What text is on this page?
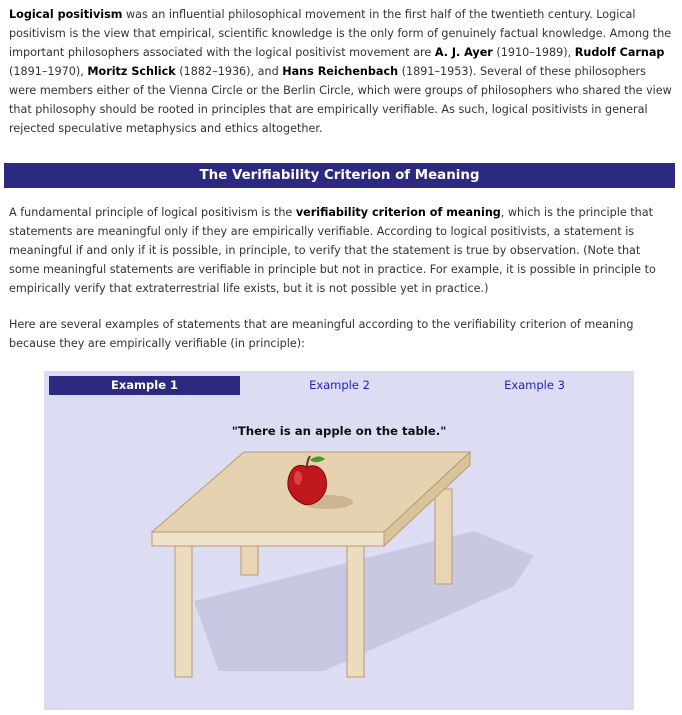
Logical positivism was an influential philosophical movement in the first half of the twentieth century. Logical positivism is the view that empirical, scientific knowledge is the only form of genuinely factual knowledge. Among the important philosophers associated with the logical positivist movement are A. J. Ayer (1910–1989), Rudolf Carnap (1891–1970), Moritz Schlick (1882–1936), and Hans Reichenbach (1891–1953). Several of these philosophers were members either of the Vienna Circle or the Berlin Circle, which were groups of philosophers who shared the view that philosophy should be rooted in principles that are empirically verifiable. As such, logical positivists in general rejected speculative metaphysics and ethics altogether.

The Verifiability Criterion of Meaning

A fundamental principle of logical positivism is the verifiability criterion of meaning, which is the principle that statements are meaningful only if they are empirically verifiable. According to logical positivists, a statement is meaningful if and only if it is possible, in principle, to verify that the statement is true by observation. (Note that some meaningful statements are verifiable in principle but not in practice. For example, it is possible in principle to empirically verify that extraterrestrial life exists, but it is not possible yet in practice.)

Here are several examples of statements that are meaningful according to the verifiability criterion of meaning because they are empirically verifiable (in principle):

Example 1	Example 2	Example 3
"There is an apple on the table."
